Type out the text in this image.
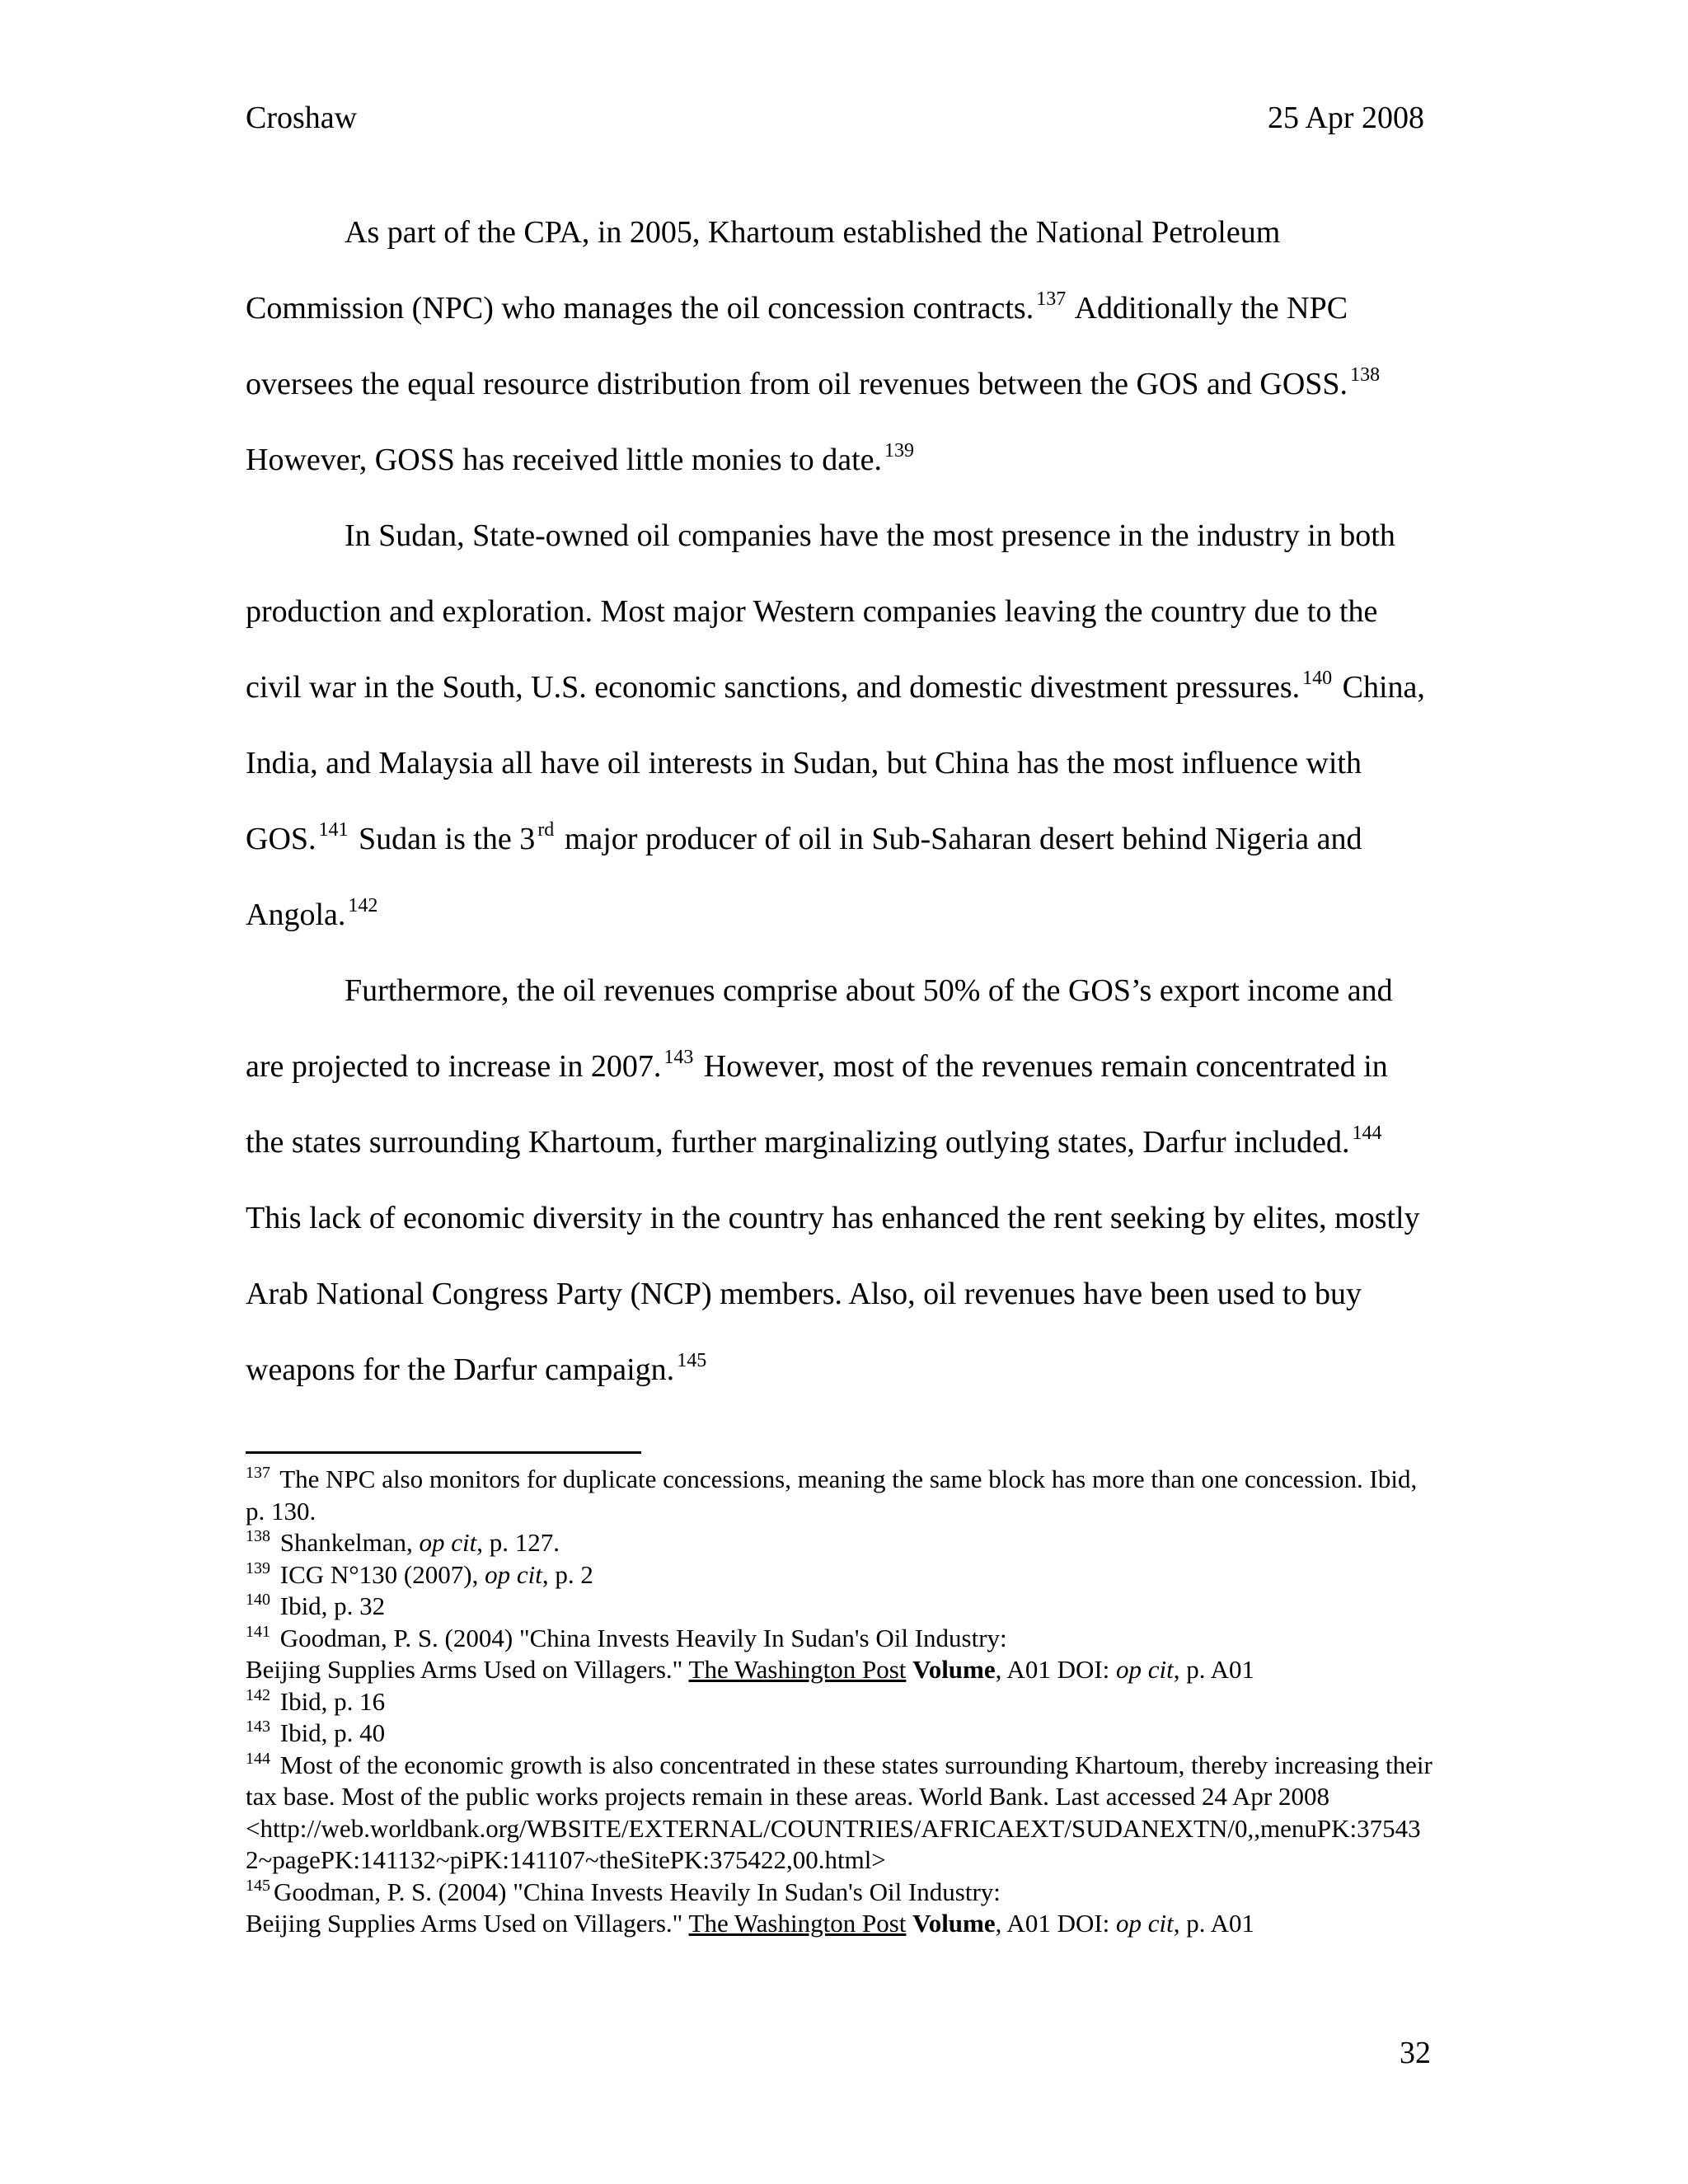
Croshaw	25 Apr 2008

As part of the CPA, in 2005, Khartoum established the National Petroleum Commission (NPC) who manages the oil concession contracts. $^{137}$ Additionally the NPC oversees the equal resource distribution from oil revenues between the GOS and GOSS. $^{138}$ However, GOSS has received little monies to date. $^{139}$

In Sudan, State-owned oil companies have the most presence in the industry in both production and exploration. Most major Western companies leaving the country due to the civil war in the South, U.S. economic sanctions, and domestic divestment pressures. $^{140}$ China, India, and Malaysia all have oil interests in Sudan, but China has the most influence with GOS. $^{141}$ Sudan is the 3 $^{rd}$ major producer of oil in Sub-Saharan desert behind Nigeria and Angola. $^{142}$

Furthermore, the oil revenues comprise about 50% of the GOS’s export income and are projected to increase in 2007. $^{143}$ However, most of the revenues remain concentrated in the states surrounding Khartoum, further marginalizing outlying states, Darfur included. $^{144}$ This lack of economic diversity in the country has enhanced the rent seeking by elites, mostly Arab National Congress Party (NCP) members. Also, oil revenues have been used to buy weapons for the Darfur campaign. $^{145}$

$^{137}$ The NPC also monitors for duplicate concessions, meaning the same block has more than one concession. Ibid, p. 130.

$^{138}$ Shankelman, op cit, p. 127.

$^{139}$ ICG N°130 (2007), op cit, p. 2

$^{140}$ Ibid, p. 32

$^{141}$ Goodman, P. S. (2004) "China Invests Heavily In Sudan's Oil Industry:
Beijing Supplies Arms Used on Villagers." The Washington Post Volume, A01 DOI: op cit, p. A01

$^{142}$ Ibid, p. 16

$^{143}$ Ibid, p. 40

$^{144}$ Most of the economic growth is also concentrated in these states surrounding Khartoum, thereby increasing their tax base. Most of the public works projects remain in these areas. World Bank. Last accessed 24 Apr 2008
<http://web.worldbank.org/WBSITE/EXTERNAL/COUNTRIES/AFRICAEXT/SUDANEXTN/0,,menuPK:375432~pagePK:141132~piPK:141107~theSitePK:375422,00.html>

$^{145}$ Goodman, P. S. (2004) "China Invests Heavily In Sudan's Oil Industry:
Beijing Supplies Arms Used on Villagers." The Washington Post Volume, A01 DOI: op cit, p. A01

32
